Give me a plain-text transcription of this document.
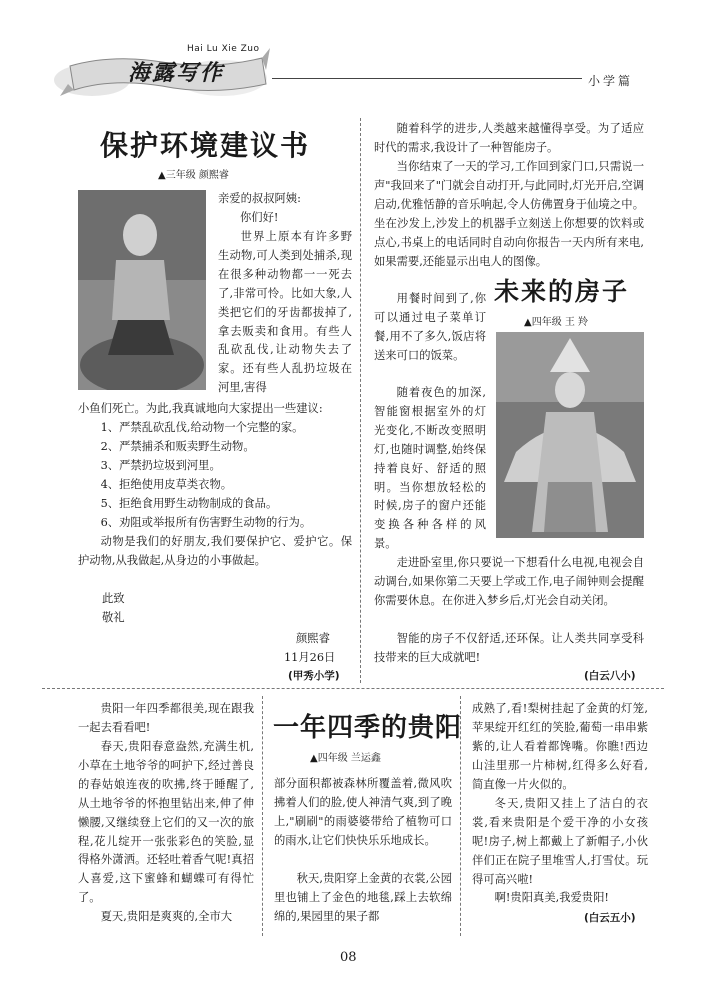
Hai Lu Xie Zuo
海露写作	小学篇
保护环境建议书
▲三年级 颜熙睿
亲爱的叔叔阿姨:
你们好!
世界上原本有许多野生动物,可人类到处捕杀,现在很多种动物都一一死去了,非常可怜。比如大象,人类把它们的牙齿都拔掉了,拿去贩卖和食用。有些人乱砍乱伐,让动物失去了家。还有些人乱扔垃圾在河里,害得
小鱼们死亡。为此,我真诚地向大家提出一些建议:

1、严禁乱砍乱伐,给动物一个完整的家。

2、严禁捕杀和贩卖野生动物。

3、严禁扔垃圾到河里。

4、拒绝使用皮草类衣物。

5、拒绝食用野生动物制成的食品。

6、劝阻或举报所有伤害野生动物的行为。

动物是我们的好朋友,我们要保护它、爱护它。保护动物,从我做起,从身边的小事做起。
此致
敬礼
颜熙睿
11月26日
(甲秀小学)
随着科学的进步,人类越来越懂得享受。为了适应时代的需求,我设计了一种智能房子。
当你结束了一天的学习,工作回到家门口,只需说一声"我回来了"门就会自动打开,与此同时,灯光开启,空调启动,优雅恬静的音乐响起,令人仿佛置身于仙境之中。坐在沙发上,沙发上的机器手立刻送上你想要的饮料或点心,书桌上的电话同时自动向你报告一天内所有来电,如果需要,还能显示出电人的图像。
未来的房子
▲四年级 王 羚
用餐时间到了,你可以通过电子菜单订餐,用不了多久,饭店将送来可口的饭菜。
随着夜色的加深,智能窗根据室外的灯光变化,不断改变照明灯,也随时调整,始终保持着良好、舒适的照明。当你想放轻松的时候,房子的窗户还能变换各种各样的风景。
走进卧室里,你只要说一下想看什么电视,电视会自动调台,如果你第二天要上学或工作,电子闹钟则会提醒你需要休息。在你进入梦乡后,灯光会自动关闭。
智能的房子不仅舒适,还环保。让人类共同享受科技带来的巨大成就吧!
(白云八小)
贵阳一年四季都很美,现在跟我一起去看看吧!
春天,贵阳春意盎然,充满生机,小草在土地爷爷的呵护下,经过善良的春姑娘连夜的吹拂,终于睡醒了,从土地爷爷的怀抱里钻出来,伸了伸懒腰,又继续登上它们的又一次的旅程,花儿绽开一张张彩色的笑脸,显得格外潇洒。还轻吐着香气呢!真招人喜爱,这下蜜蜂和蝴蝶可有得忙了。
夏天,贵阳是爽爽的,全市大
一年四季的贵阳
▲四年级 兰运鑫
部分面积都被森林所覆盖着,微风吹拂着人们的脸,使人神清气爽,到了晚上,"刷刷"的雨婆婆带给了植物可口的雨水,让它们快快乐乐地成长。
秋天,贵阳穿上金黄的衣裳,公园里也铺上了金色的地毯,踩上去软绵绵的,果园里的果子都
成熟了,看!梨树挂起了金黄的灯笼,苹果绽开红红的笑脸,葡萄一串串紫紫的,让人看着都馋嘴。你瞧!西边山洼里那一片柿树,红得多么好看,简直像一片火似的。
冬天,贵阳又挂上了洁白的衣裳,看来贵阳是个爱干净的小女孩呢!房子,树上都戴上了新帽子,小伙伴们正在院子里堆雪人,打雪仗。玩得可高兴啦!
啊!贵阳真美,我爱贵阳!
(白云五小)
08
